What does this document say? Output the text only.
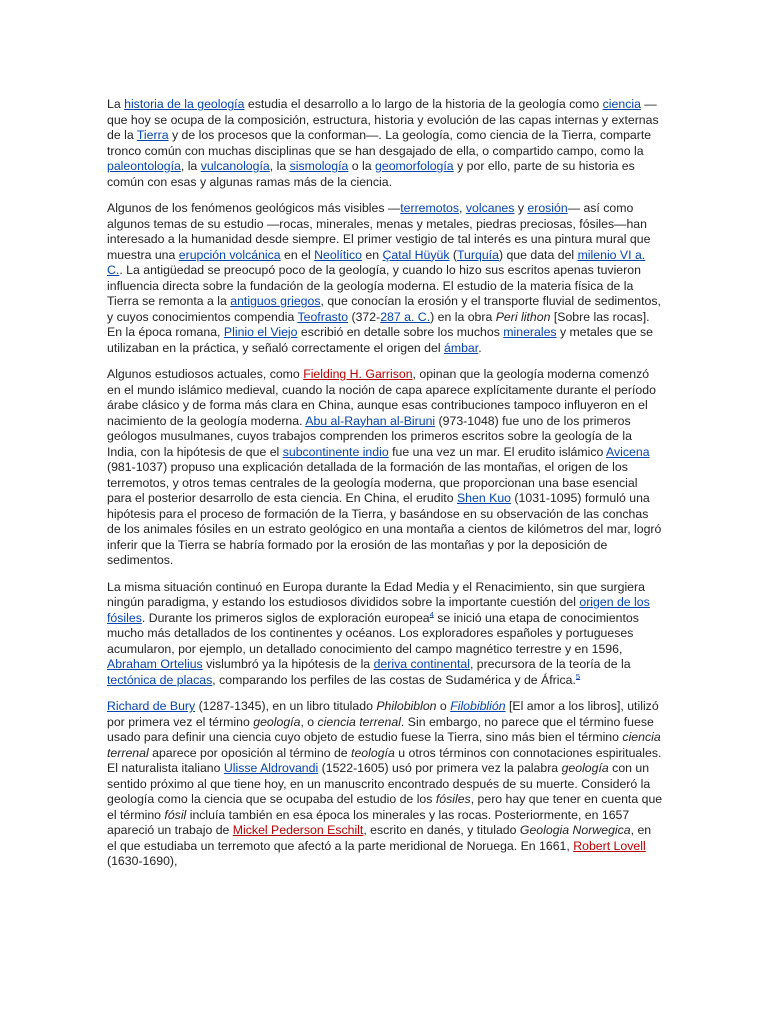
La historia de la geología estudia el desarrollo a lo largo de la historia de la geología como ciencia —que hoy se ocupa de la composición, estructura, historia y evolución de las capas internas y externas de la Tierra y de los procesos que la conforman—. La geología, como ciencia de la Tierra, comparte tronco común con muchas disciplinas que se han desgajado de ella, o compartido campo, como la paleontología, la vulcanología, la sismología o la geomorfología y por ello, parte de su historia es común con esas y algunas ramas más de la ciencia.

Algunos de los fenómenos geológicos más visibles —terremotos, volcanes y erosión— así como algunos temas de su estudio —rocas, minerales, menas y metales, piedras preciosas, fósiles—han interesado a la humanidad desde siempre. El primer vestigio de tal interés es una pintura mural que muestra una erupción volcánica en el Neolítico en Çatal Hüyük (Turquía) que data del milenio VI a. C.. La antigüedad se preocupó poco de la geología, y cuando lo hizo sus escritos apenas tuvieron influencia directa sobre la fundación de la geología moderna. El estudio de la materia física de la Tierra se remonta a la antiguos griegos, que conocían la erosión y el transporte fluvial de sedimentos, y cuyos conocimientos compendia Teofrasto (372-287 a. C.) en la obra Peri lithon [Sobre las rocas]. En la época romana, Plinio el Viejo escribió en detalle sobre los muchos minerales y metales que se utilizaban en la práctica, y señaló correctamente el origen del ámbar.

Algunos estudiosos actuales, como Fielding H. Garrison, opinan que la geología moderna comenzó en el mundo islámico medieval, cuando la noción de capa aparece explícitamente durante el período árabe clásico y de forma más clara en China, aunque esas contribuciones tampoco influyeron en el nacimiento de la geología moderna. Abu al-Rayhan al-Biruni (973-1048) fue uno de los primeros geólogos musulmanes, cuyos trabajos comprenden los primeros escritos sobre la geología de la India, con la hipótesis de que el subcontinente indio fue una vez un mar. El erudito islámico Avicena (981-1037) propuso una explicación detallada de la formación de las montañas, el origen de los terremotos, y otros temas centrales de la geología moderna, que proporcionan una base esencial para el posterior desarrollo de esta ciencia. En China, el erudito Shen Kuo (1031-1095) formuló una hipótesis para el proceso de formación de la Tierra, y basándose en su observación de las conchas de los animales fósiles en un estrato geológico en una montaña a cientos de kilómetros del mar, logró inferir que la Tierra se habría formado por la erosión de las montañas y por la deposición de sedimentos.

La misma situación continuó en Europa durante la Edad Media y el Renacimiento, sin que surgiera ningún paradigma, y estando los estudiosos divididos sobre la importante cuestión del origen de los fósiles. Durante los primeros siglos de exploración europea$^4$ se inició una etapa de conocimientos mucho más detallados de los continentes y océanos. Los exploradores españoles y portugueses acumularon, por ejemplo, un detallado conocimiento del campo magnético terrestre y en 1596, Abraham Ortelius vislumbró ya la hipótesis de la deriva continental, precursora de la teoría de la tectónica de placas, comparando los perfiles de las costas de Sudamérica y de África.$^5$

Richard de Bury (1287-1345), en un libro titulado Philobiblon o Filobiblión [El amor a los libros], utilizó por primera vez el término geología, o ciencia terrenal. Sin embargo, no parece que el término fuese usado para definir una ciencia cuyo objeto de estudio fuese la Tierra, sino más bien el término ciencia terrenal aparece por oposición al término de teología u otros términos con connotaciones espirituales. El naturalista italiano Ulisse Aldrovandi (1522-1605) usó por primera vez la palabra geología con un sentido próximo al que tiene hoy, en un manuscrito encontrado después de su muerte. Consideró la geología como la ciencia que se ocupaba del estudio de los fósiles, pero hay que tener en cuenta que el término fósil incluía también en esa época los minerales y las rocas. Posteriormente, en 1657 apareció un trabajo de Mickel Pederson Eschilt, escrito en danés, y titulado Geologia Norwegica, en el que estudiaba un terremoto que afectó a la parte meridional de Noruega. En 1661, Robert Lovell (1630-1690),
